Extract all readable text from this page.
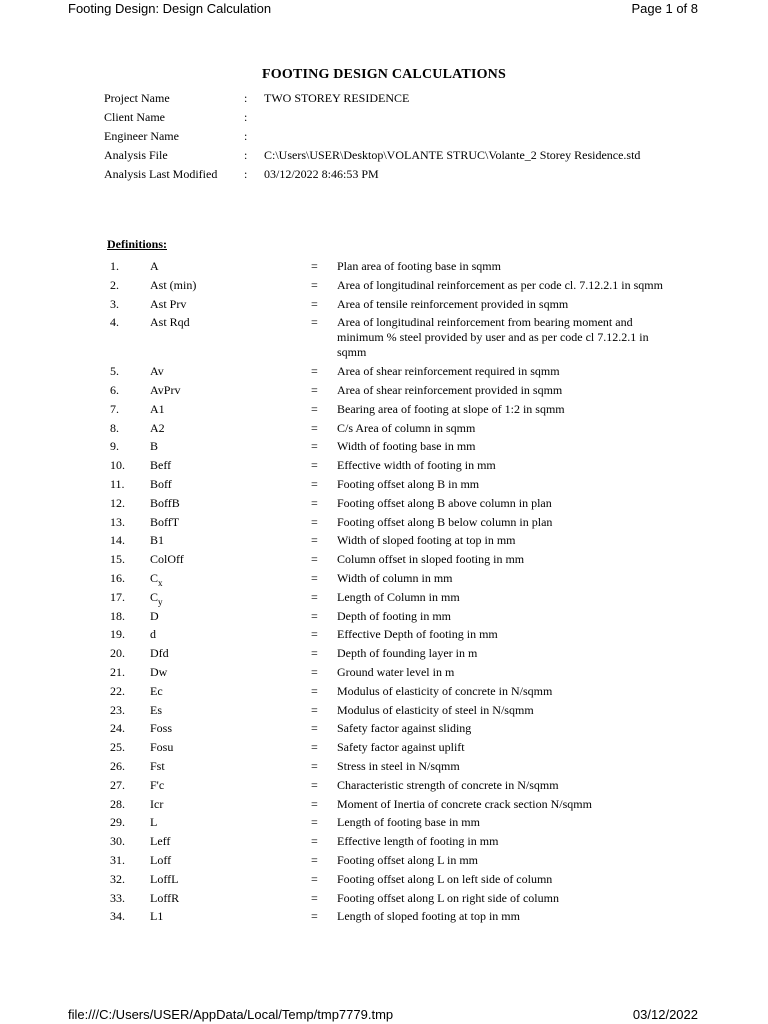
Footing Design: Design Calculation	Page 1 of 8
FOOTING DESIGN CALCULATIONS
Project Name	:	TWO STOREY RESIDENCE
Client Name	:
Engineer Name	:
Analysis File	:	C:\Users\USER\Desktop\VOLANTE STRUC\Volante_2 Storey Residence.std
Analysis Last Modified	:	03/12/2022 8:46:53 PM
Definitions:
1.	A	= Plan area of footing base in sqmm
2.	Ast (min)	= Area of longitudinal reinforcement as per code cl. 7.12.2.1 in sqmm
3.	Ast Prv	= Area of tensile reinforcement provided in sqmm
4.	Ast Rqd	= Area of longitudinal reinforcement from bearing moment and minimum % steel provided by user and as per code cl 7.12.2.1 in sqmm
5.	Av	= Area of shear reinforcement required in sqmm
6.	AvPrv	= Area of shear reinforcement provided in sqmm
7.	A1	= Bearing area of footing at slope of 1:2 in sqmm
8.	A2	= C/s Area of column in sqmm
9.	B	= Width of footing base in mm
10. Beff	= Effective width of footing in mm
11. Boff	= Footing offset along B in mm
12. BoffB	= Footing offset along B above column in plan
13. BoffT	= Footing offset along B below column in plan
14. B1	= Width of sloped footing at top in mm
15. ColOff	= Column offset in sloped footing in mm
16. $C_x$	= Width of column in mm
17. $C_y$	= Length of Column in mm
18. D	= Depth of footing in mm
19. d	= Effective Depth of footing in mm
20. Dfd	= Depth of founding layer in m
21. Dw	= Ground water level in m
22. Ec	= Modulus of elasticity of concrete in N/sqmm
23. Es	= Modulus of elasticity of steel in N/sqmm
24. Foss	= Safety factor against sliding
25. Fosu	= Safety factor against uplift
26. Fst	= Stress in steel in N/sqmm
27. F'c	= Characteristic strength of concrete in N/sqmm
28. Icr	= Moment of Inertia of concrete crack section N/sqmm
29. L	= Length of footing base in mm
30. Leff	= Effective length of footing in mm
31. Loff	= Footing offset along L in mm
32. LoffL	= Footing offset along L on left side of column
33. LoffR	= Footing offset along L on right side of column
34. L1	= Length of sloped footing at top in mm
file:///C:/Users/USER/AppData/Local/Temp/tmp7779.tmp	03/12/2022
